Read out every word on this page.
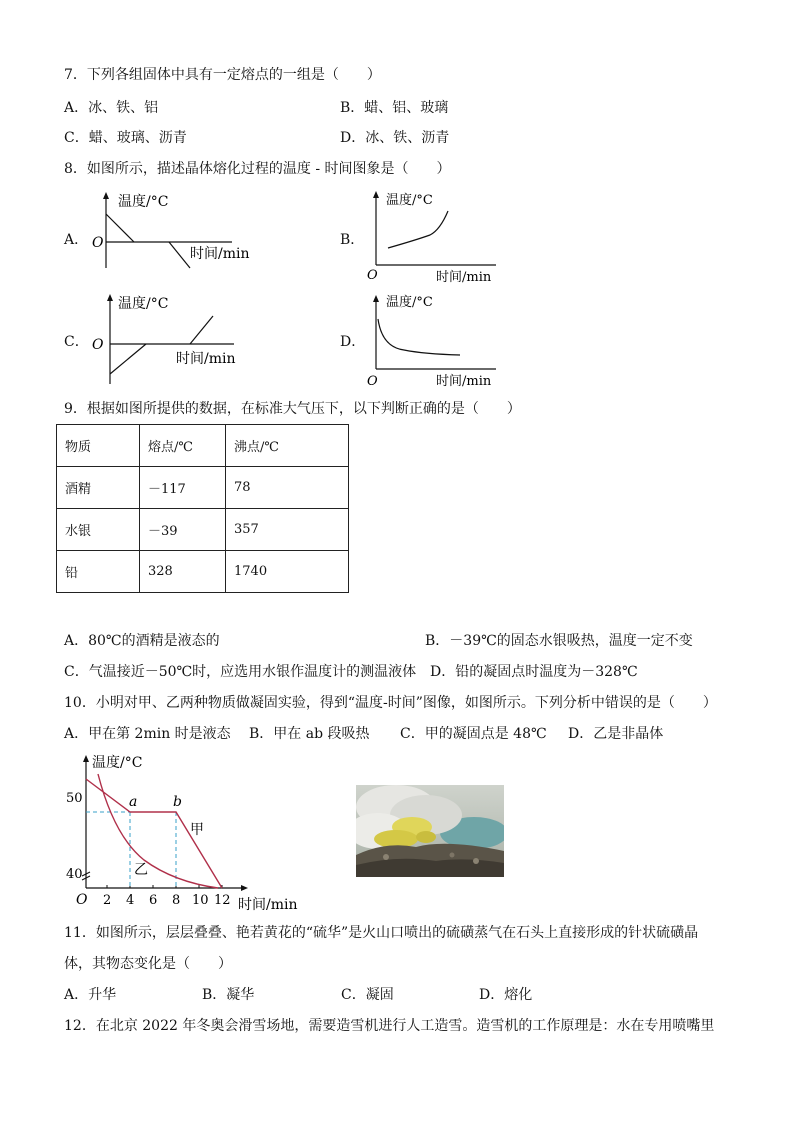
7．下列各组固体中具有一定熔点的一组是（　　）
A．冰、铁、铝	B．蜡、铝、玻璃
C．蜡、玻璃、沥青	D．冰、铁、沥青
8．如图所示，描述晶体熔化过程的温度 - 时间图象是（　　）
A．
温度/°C
O
时间/min
B．
温度/°C
O	时间/min
C．
温度/°C
O
时间/min
D．
温度/°C
O	时间/min
9．根据如图所提供的数据，在标准大气压下，以下判断正确的是（　　）
物质	熔点/℃	沸点/℃
酒精	－117	78
水银	－39	357
铅	328	1740
A．80℃的酒精是液态的	B．－39℃的固态水银吸热，温度一定不变
C．气温接近－50℃时，应选用水银作温度计的测温液体 D．铅的凝固点时温度为－328℃
10．小明对甲、乙两种物质做凝固实验，得到“温度-时间”图像，如图所示。下列分析中错误的是（　　）
A．甲在第 2min 时是液态 B．甲在 ab 段吸热 C．甲的凝固点是 48℃ D．乙是非晶体
温度/°C
50
40
O 2 4 6 8 10 12 时间/min
a	b
甲
乙
11．如图所示，层层叠叠、艳若黄花的“硫华”是火山口喷出的硫磺蒸气在石头上直接形成的针状硫磺晶
体，其物态变化是（　　）
A．升华	B．凝华	C．凝固	D．熔化
12．在北京 2022 年冬奥会滑雪场地，需要造雪机进行人工造雪。造雪机的工作原理是：水在专用喷嘴里
